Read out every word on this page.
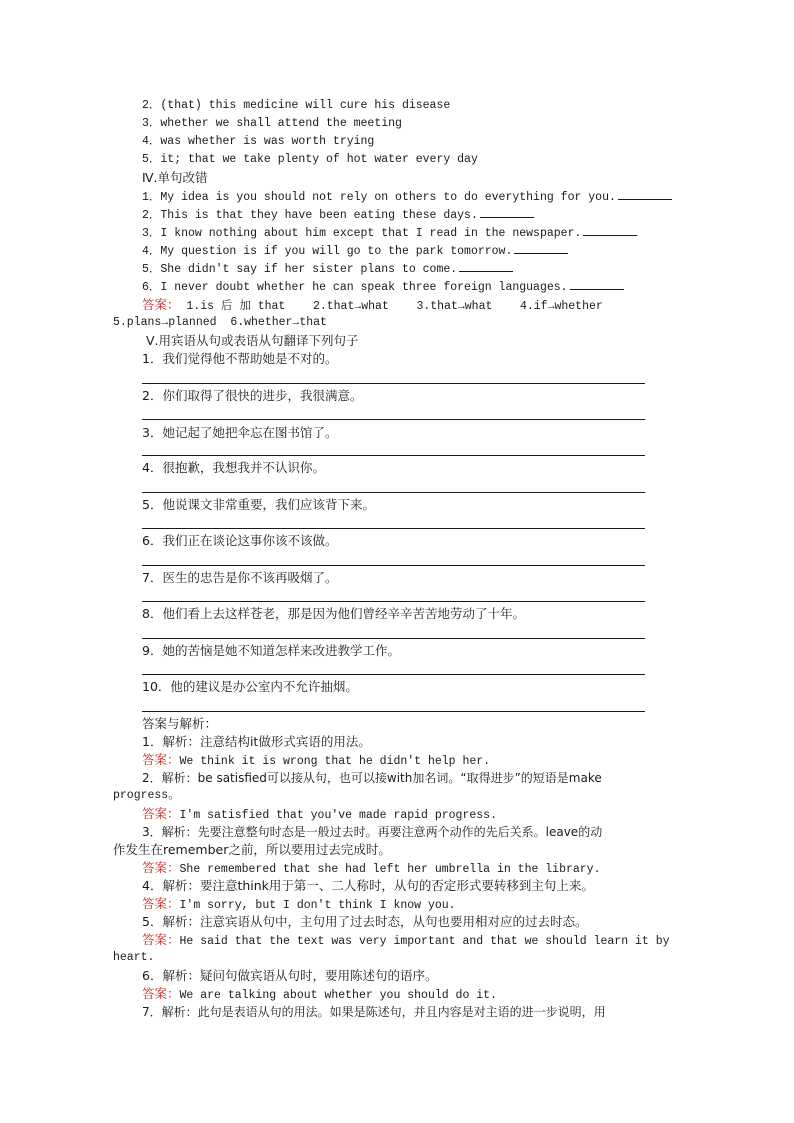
2．(that) this medicine will cure his disease
3．whether we shall attend the meeting
4．was whether is was worth trying
5．it; that we take plenty of hot water every day
Ⅳ.单句改错
1．My idea is you should not rely on others to do everything for you.
2．This is that they have been eating these days.
3．I know nothing about him except that I read in the newspaper.
4．My question is if you will go to the park tomorrow.
5．She didn't say if her sister plans to come.
6．I never doubt whether he can speak three foreign languages.
答案： 1.is 后 加 that    2.that→what    3.that→what    4.if→whether
5.plans→planned  6.whether→that
Ⅴ.用宾语从句或表语从句翻译下列句子
1．我们觉得他不帮助她是不对的。
2．你们取得了很快的进步，我很满意。
3．她记起了她把伞忘在图书馆了。
4．很抱歉，我想我并不认识你。
5．他说课文非常重要，我们应该背下来。
6．我们正在谈论这事你该不该做。
7．医生的忠告是你不该再吸烟了。
8．他们看上去这样苍老，那是因为他们曾经辛辛苦苦地劳动了十年。
9．她的苦恼是她不知道怎样来改进教学工作。
10．他的建议是办公室内不允许抽烟。
答案与解析：
1．解析：注意结构it做形式宾语的用法。
答案：We think it is wrong that he didn't help her.
2．解析：be satisfied可以接从句，也可以接with加名词。“取得进步”的短语是make
progress。
答案：I'm satisfied that you've made rapid progress.
3．解析：先要注意整句时态是一般过去时。再要注意两个动作的先后关系。leave的动
作发生在remember之前，所以要用过去完成时。
答案：She remembered that she had left her umbrella in the library.
4．解析：要注意think用于第一、二人称时，从句的否定形式要转移到主句上来。
答案：I'm sorry, but I don't think I know you.
5．解析：注意宾语从句中，主句用了过去时态，从句也要用相对应的过去时态。
答案：He said that the text was very important and that we should learn it by
heart.
6．解析：疑问句做宾语从句时，要用陈述句的语序。
答案：We are talking about whether you should do it.
7．解析：此句是表语从句的用法。如果是陈述句，并且内容是对主语的进一步说明，用
